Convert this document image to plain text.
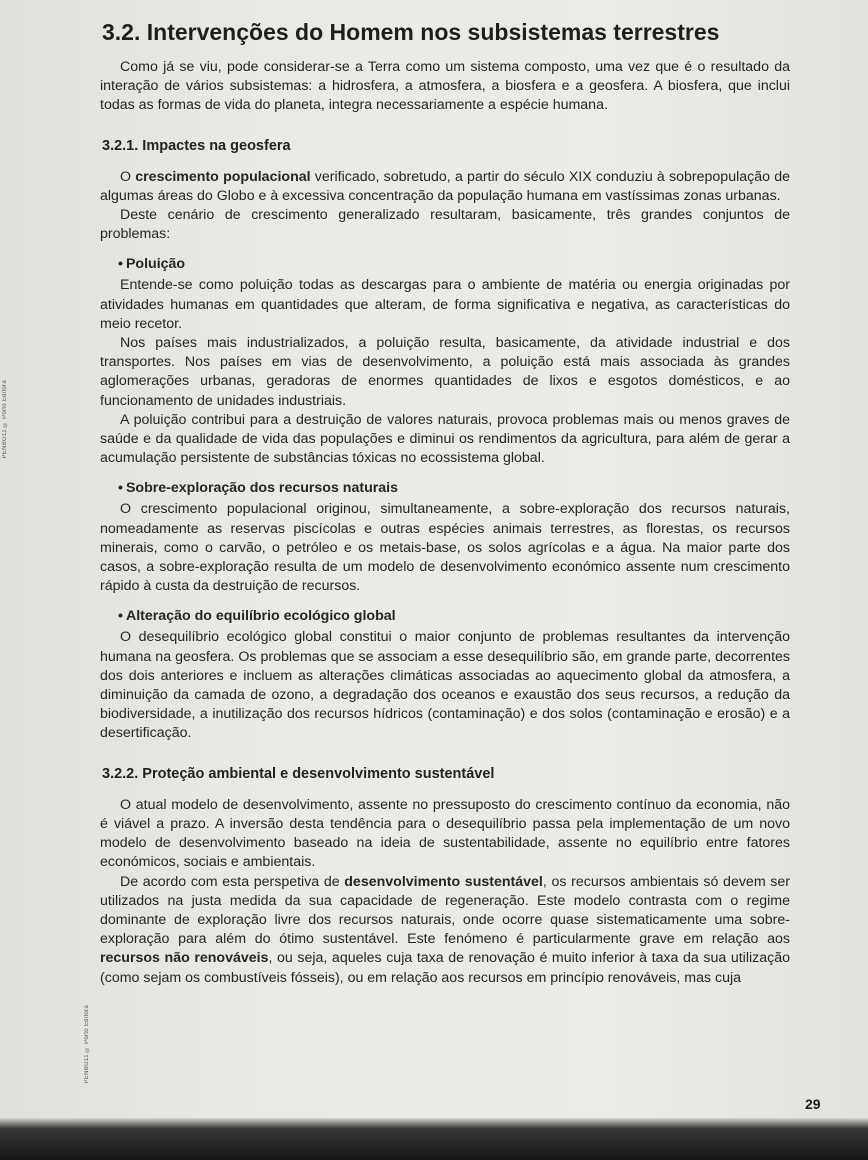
PENBG11 © Porto Editora
PENBG11 © Porto Editora
3.2. Intervenções do Homem nos subsistemas terrestres

Como já se viu, pode considerar-se a Terra como um sistema composto, uma vez que é o resultado da interação de vários subsistemas: a hidrosfera, a atmosfera, a biosfera e a geosfera. A biosfera, que inclui todas as formas de vida do planeta, integra necessariamente a espécie humana.

3.2.1. Impactes na geosfera

O crescimento populacional verificado, sobretudo, a partir do século XIX conduziu à sobrepopulação de algumas áreas do Globo e à excessiva concentração da população humana em vastíssimas zonas urbanas.

Deste cenário de crescimento generalizado resultaram, basicamente, três grandes conjuntos de problemas:

• Poluição

Entende-se como poluição todas as descargas para o ambiente de matéria ou energia originadas por atividades humanas em quantidades que alteram, de forma significativa e negativa, as características do meio recetor.

Nos países mais industrializados, a poluição resulta, basicamente, da atividade industrial e dos transportes. Nos países em vias de desenvolvimento, a poluição está mais associada às grandes aglomerações urbanas, geradoras de enormes quantidades de lixos e esgotos domésticos, e ao funcionamento de unidades industriais.

A poluição contribui para a destruição de valores naturais, provoca problemas mais ou menos graves de saúde e da qualidade de vida das populações e diminui os rendimentos da agricultura, para além de gerar a acumulação persistente de substâncias tóxicas no ecossistema global.

• Sobre-exploração dos recursos naturais

O crescimento populacional originou, simultaneamente, a sobre-exploração dos recursos naturais, nomeadamente as reservas piscícolas e outras espécies animais terrestres, as florestas, os recursos minerais, como o carvão, o petróleo e os metais-base, os solos agrícolas e a água. Na maior parte dos casos, a sobre-exploração resulta de um modelo de desenvolvimento económico assente num crescimento rápido à custa da destruição de recursos.

• Alteração do equilíbrio ecológico global

O desequilíbrio ecológico global constitui o maior conjunto de problemas resultantes da intervenção humana na geosfera. Os problemas que se associam a esse desequilíbrio são, em grande parte, decorrentes dos dois anteriores e incluem as alterações climáticas associadas ao aquecimento global da atmosfera, a diminuição da camada de ozono, a degradação dos oceanos e exaustão dos seus recursos, a redução da biodiversidade, a inutilização dos recursos hídricos (contaminação) e dos solos (contaminação e erosão) e a desertificação.

3.2.2. Proteção ambiental e desenvolvimento sustentável

O atual modelo de desenvolvimento, assente no pressuposto do crescimento contínuo da economia, não é viável a prazo. A inversão desta tendência para o desequilíbrio passa pela implementação de um novo modelo de desenvolvimento baseado na ideia de sustentabilidade, assente no equilíbrio entre fatores económicos, sociais e ambientais.

De acordo com esta perspetiva de desenvolvimento sustentável, os recursos ambientais só devem ser utilizados na justa medida da sua capacidade de regeneração. Este modelo contrasta com o regime dominante de exploração livre dos recursos naturais, onde ocorre quase sistematicamente uma sobre-exploração para além do ótimo sustentável. Este fenómeno é particularmente grave em relação aos recursos não renováveis, ou seja, aqueles cuja taxa de renovação é muito inferior à taxa da sua utilização (como sejam os combustíveis fósseis), ou em relação aos recursos em princípio renováveis, mas cuja

29
